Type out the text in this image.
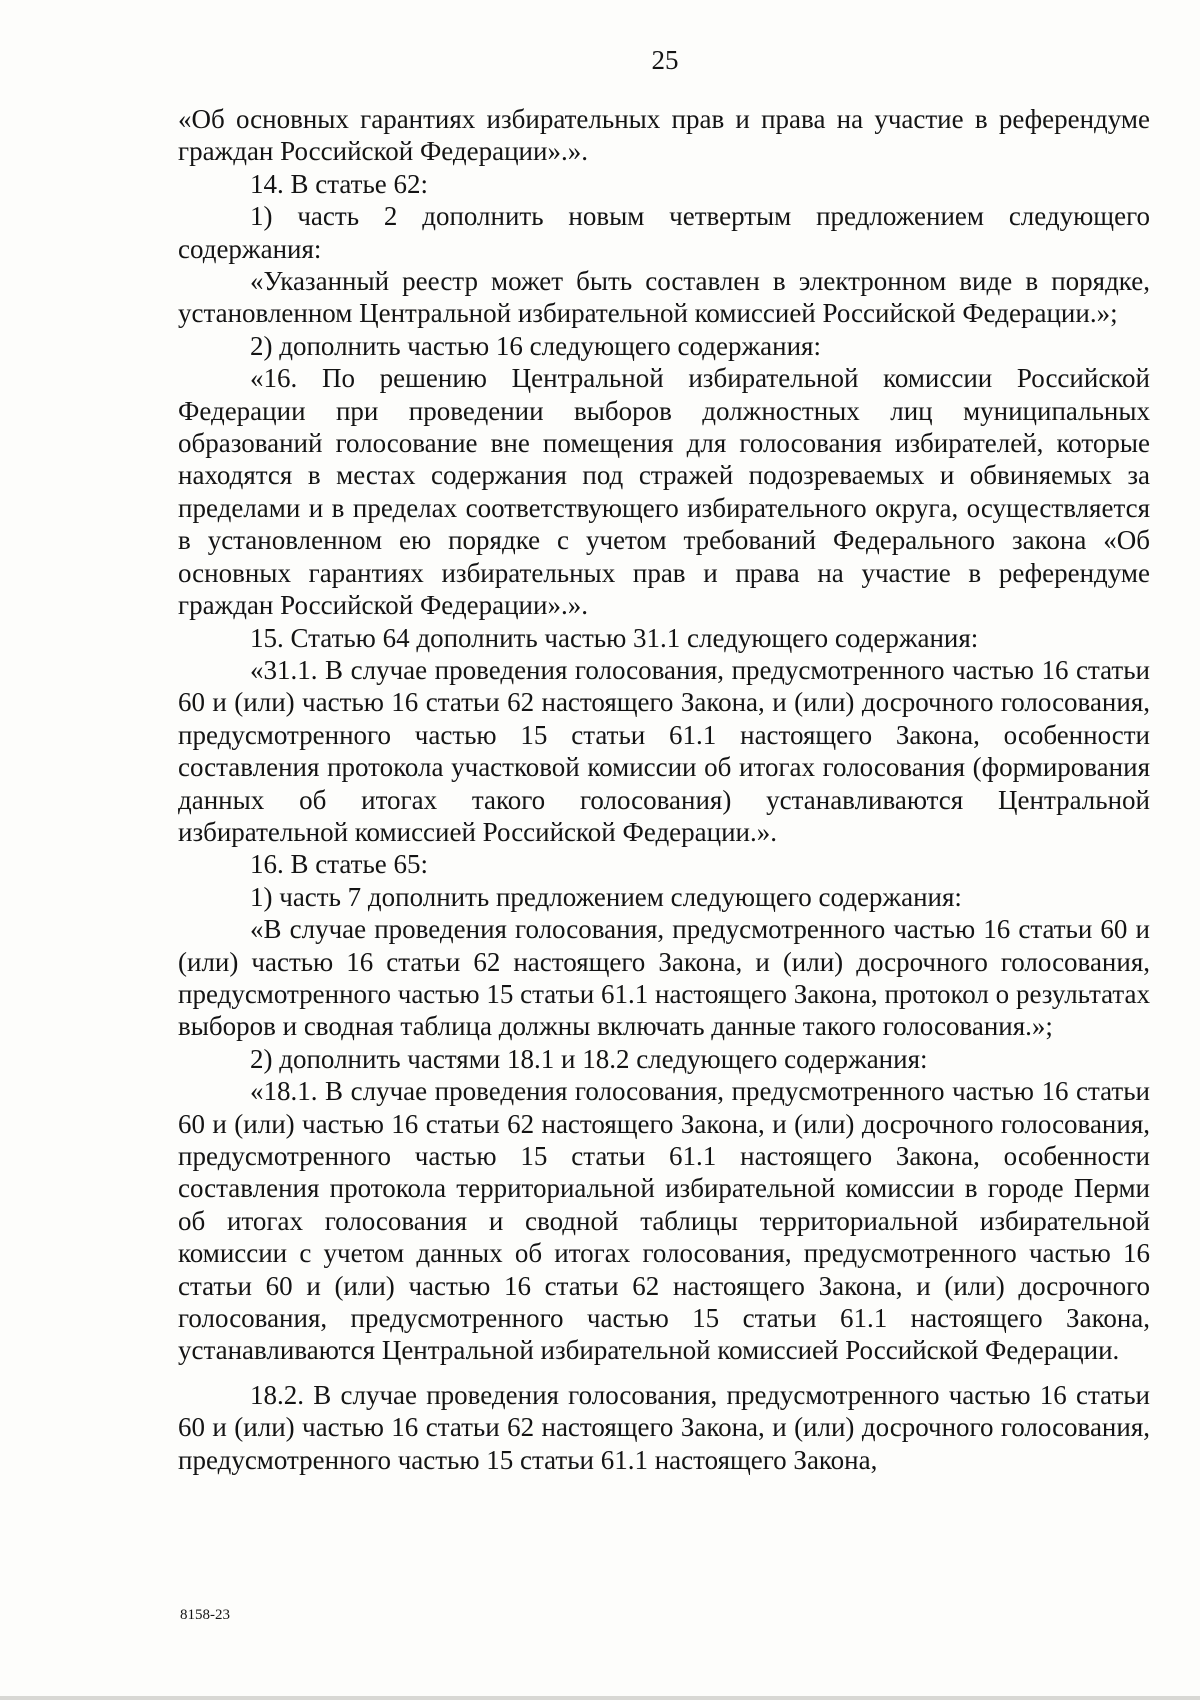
25

«Об основных гарантиях избирательных прав и права на участие в референдуме граждан Российской Федерации».».

14. В статье 62:

1) часть 2 дополнить новым четвертым предложением следующего содержания:

«Указанный реестр может быть составлен в электронном виде в порядке, установленном Центральной избирательной комиссией Российской Федерации.»;

2) дополнить частью 16 следующего содержания:

«16. По решению Центральной избирательной комиссии Российской Федерации при проведении выборов должностных лиц муниципальных образований голосование вне помещения для голосования избирателей, которые находятся в местах содержания под стражей подозреваемых и обвиняемых за пределами и в пределах соответствующего избирательного округа, осуществляется в установленном ею порядке с учетом требований Федерального закона «Об основных гарантиях избирательных прав и права на участие в референдуме граждан Российской Федерации».».

15. Статью 64 дополнить частью 31.1 следующего содержания:

«31.1. В случае проведения голосования, предусмотренного частью 16 статьи 60 и (или) частью 16 статьи 62 настоящего Закона, и (или) досрочного голосования, предусмотренного частью 15 статьи 61.1 настоящего Закона, особенности составления протокола участковой комиссии об итогах голосования (формирования данных об итогах такого голосования) устанавливаются Центральной избирательной комиссией Российской Федерации.».

16. В статье 65:

1) часть 7 дополнить предложением следующего содержания:

«В случае проведения голосования, предусмотренного частью 16 статьи 60 и (или) частью 16 статьи 62 настоящего Закона, и (или) досрочного голосования, предусмотренного частью 15 статьи 61.1 настоящего Закона, протокол о результатах выборов и сводная таблица должны включать данные такого голосования.»;

2) дополнить частями 18.1 и 18.2 следующего содержания:

«18.1. В случае проведения голосования, предусмотренного частью 16 статьи 60 и (или) частью 16 статьи 62 настоящего Закона, и (или) досрочного голосования, предусмотренного частью 15 статьи 61.1 настоящего Закона, особенности составления протокола территориальной избирательной комиссии в городе Перми об итогах голосования и сводной таблицы территориальной избирательной комиссии с учетом данных об итогах голосования, предусмотренного частью 16 статьи 60 и (или) частью 16 статьи 62 настоящего Закона, и (или) досрочного голосования, предусмотренного частью 15 статьи 61.1 настоящего Закона, устанавливаются Центральной избирательной комиссией Российской Федерации.

18.2. В случае проведения голосования, предусмотренного частью 16 статьи 60 и (или) частью 16 статьи 62 настоящего Закона, и (или) досрочного голосования, предусмотренного частью 15 статьи 61.1 настоящего Закона,

8158-23
